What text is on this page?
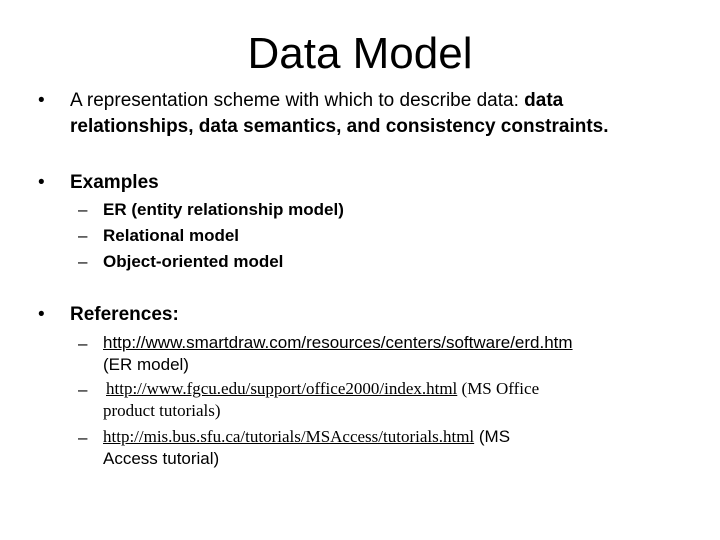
Data Model
• A representation scheme with which to describe data: data
relationships, data semantics, and consistency constraints.
• Examples
– ER (entity relationship model)
– Relational model
– Object-oriented model
• References:
– http://www.smartdraw.com/resources/centers/software/erd.htm
(ER model)
– http://www.fgcu.edu/support/office2000/index.html (MS Office
product tutorials)
– http://mis.bus.sfu.ca/tutorials/MSAccess/tutorials.html (MS
Access tutorial)
